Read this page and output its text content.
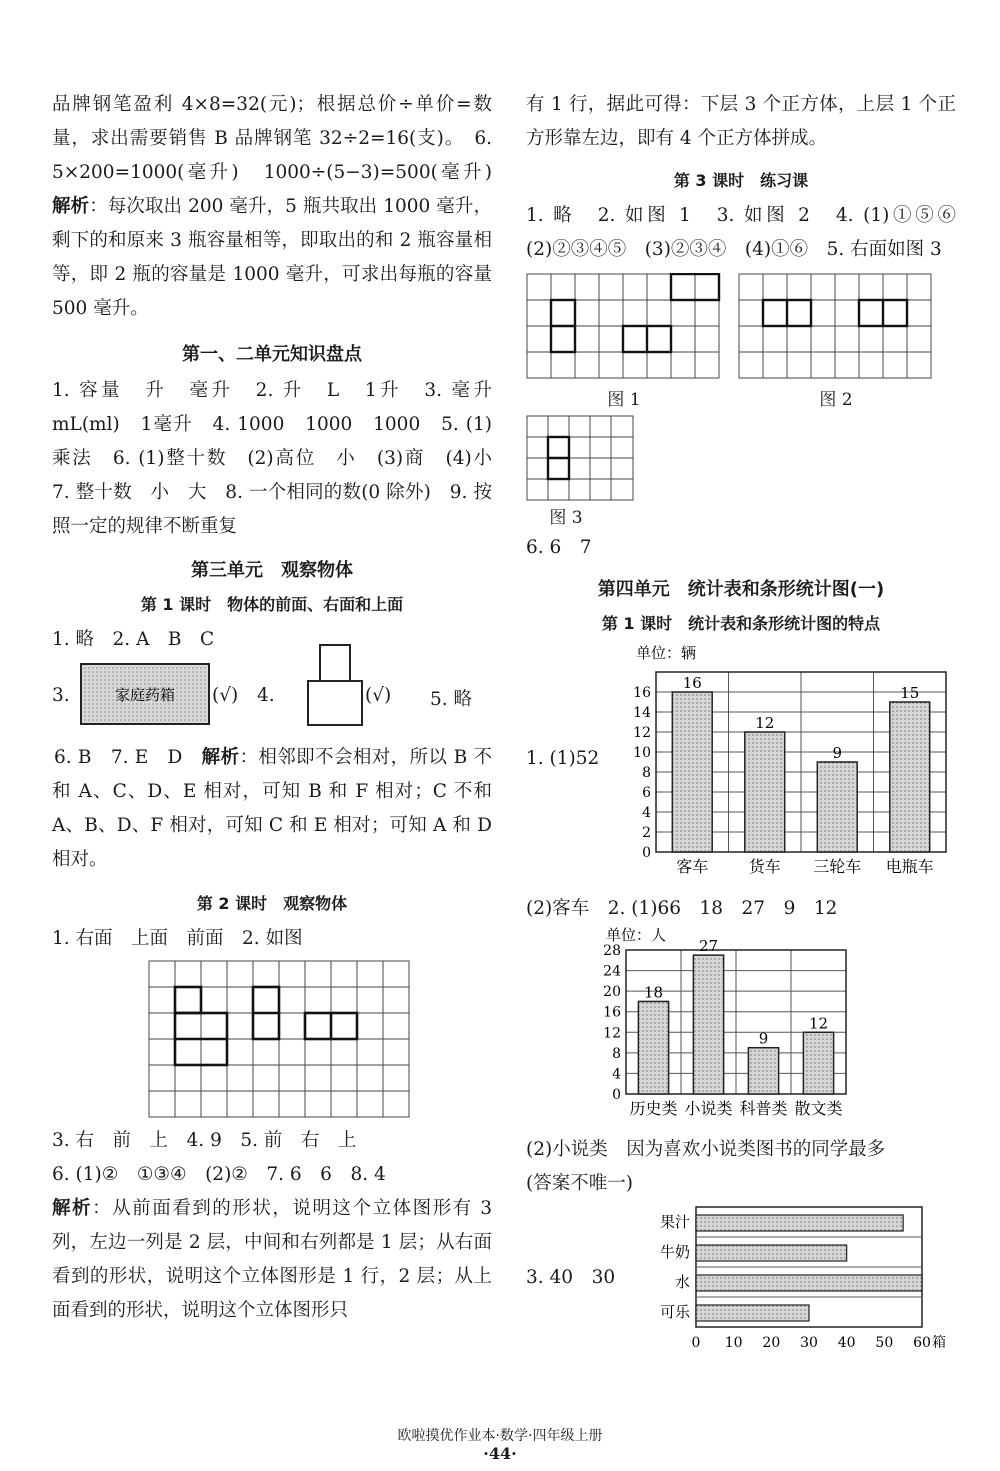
品牌钢笔盈利 4×8=32(元)；根据总价÷单价=数量，求出需要销售 B 品牌钢笔 32÷2=16(支)。　6. 5×200=1000(毫升)　1000÷(5−3)=500(毫升)　解析：每次取出 200 毫升，5 瓶共取出 1000 毫升，剩下的和原来 3 瓶容量相等，即取出的和 2 瓶容量相等，即 2 瓶的容量是 1000 毫升，可求出每瓶的容量 500 毫升。

第一、二单元知识盘点

1. 容量　升　毫升　2. 升　L　1升　3. 毫升　mL(ml)　1毫升　4. 1000　1000　1000　5. (1)乘法　6. (1)整十数　(2)高位　小　(3)商　(4)小　7. 整十数　小　大　8. 一个相同的数(0 除外)　9. 按照一定的规律不断重复

第三单元　观察物体
第 1 课时　物体的前面、右面和上面

1. 略　2. A　B　C

3.	家庭药箱 (√) 4.	(√) 5. 略

6. B　7. E　D　解析：相邻即不会相对，所以 B 不和 A、C、D、E 相对，可知 B 和 F 相对；C 不和 A、B、D、F 相对，可知 C 和 E 相对；可知 A 和 D 相对。

第 2 课时　观察物体

1. 右面　上面　前面　2. 如图

3. 右　前　上　4. 9　5. 前　右　上

6. (1)②　①③④　(2)②　7. 6　6　8. 4

解析：从前面看到的形状，说明这个立体图形有 3 列，左边一列是 2 层，中间和右列都是 1 层；从右面看到的形状，说明这个立体图形是 1 行，2 层；从上面看到的形状，说明这个立体图形只

有 1 行，据此可得：下层 3 个正方体，上层 1 个正方形靠左边，即有 4 个正方体拼成。

第 3 课时　练习课

1. 略　2. 如图 1　3. 如图 2　4. (1)①⑤⑥　(2)②③④⑤　(3)②③④　(4)①⑥　5. 右面如图 3

图 1	图 2
图 3

6. 6　7

第四单元　统计表和条形统计图(一)
第 1 课时　统计表和条形统计图的特点
1. (1)52
单位：辆
0
2
4
6
8
10
12
14
16
16
客车
12
货车
9
三轮车
15
电瓶车

(2)客车　2. (1)66　18　27　9　12

单位：人
0
4
8
12
16
20
24
28
18
历史类
27
小说类
9
科普类
12
散文类

(2)小说类　因为喜欢小说类图书的同学最多

(答案不唯一)

3. 40　30
果汁
牛奶
水
可乐
0 10 20 30 40 50 60 箱
欧啦摸优作业本·数学·四年级上册
·44·
